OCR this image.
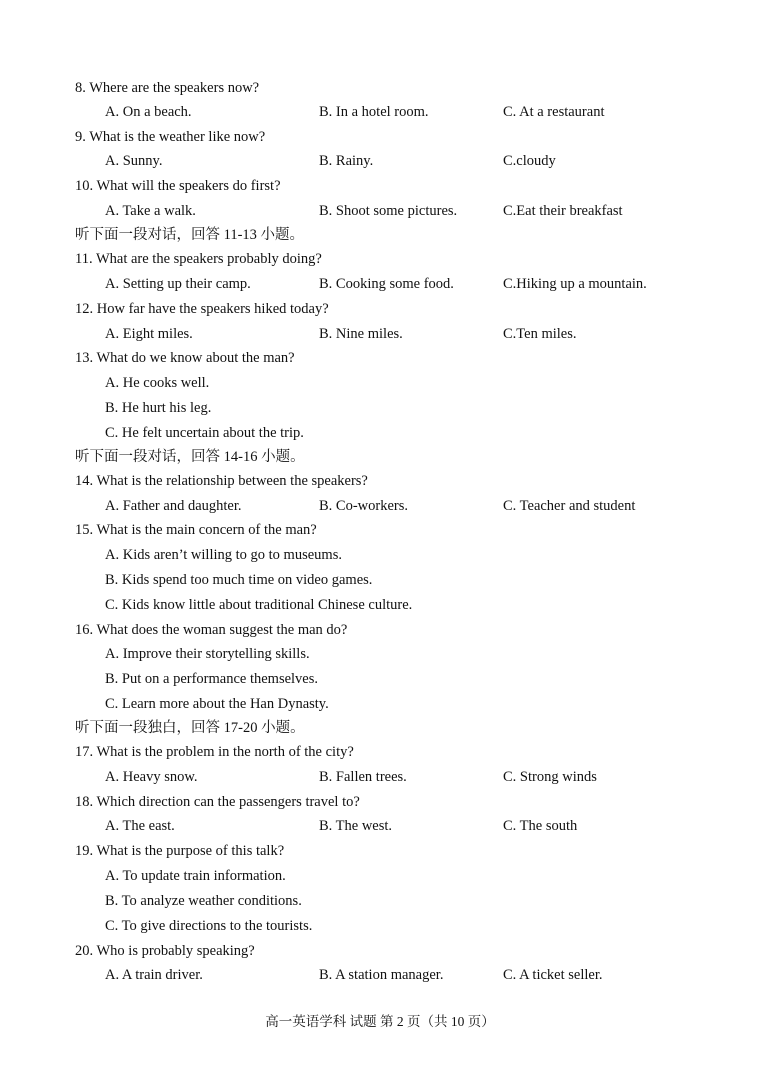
8. Where are the speakers now?
A. On a beach.	B. In a hotel room.	C. At a restaurant
9. What is the weather like now?
A. Sunny.	B. Rainy.	C.cloudy
10. What will the speakers do first?
A. Take a walk.	B. Shoot some pictures.	C.Eat their breakfast
听下面一段对话，回答 11-13 小题。
11. What are the speakers probably doing?
A. Setting up their camp.	B. Cooking some food.	C.Hiking up a mountain.
12. How far have the speakers hiked today?
A. Eight miles.	B. Nine miles.	C.Ten miles.
13. What do we know about the man?
A. He cooks well.
B. He hurt his leg.
C. He felt uncertain about the trip.
听下面一段对话，回答 14-16 小题。
14. What is the relationship between the speakers?
A. Father and daughter.	B. Co-workers.	C. Teacher and student
15. What is the main concern of the man?
A. Kids aren’t willing to go to museums.
B. Kids spend too much time on video games.
C. Kids know little about traditional Chinese culture.
16. What does the woman suggest the man do?
A. Improve their storytelling skills.
B. Put on a performance themselves.
C. Learn more about the Han Dynasty.
听下面一段独白，回答 17-20 小题。
17. What is the problem in the north of the city?
A. Heavy snow.	B. Fallen trees.	C. Strong winds
18. Which direction can the passengers travel to?
A. The east.	B. The west.	C. The south
19. What is the purpose of this talk?
A. To update train information.
B. To analyze weather conditions.
C. To give directions to the tourists.
20. Who is probably speaking?
A. A train driver.	B. A station manager.	C. A ticket seller.
高一英语学科 试题 第 2 页（共 10 页）
